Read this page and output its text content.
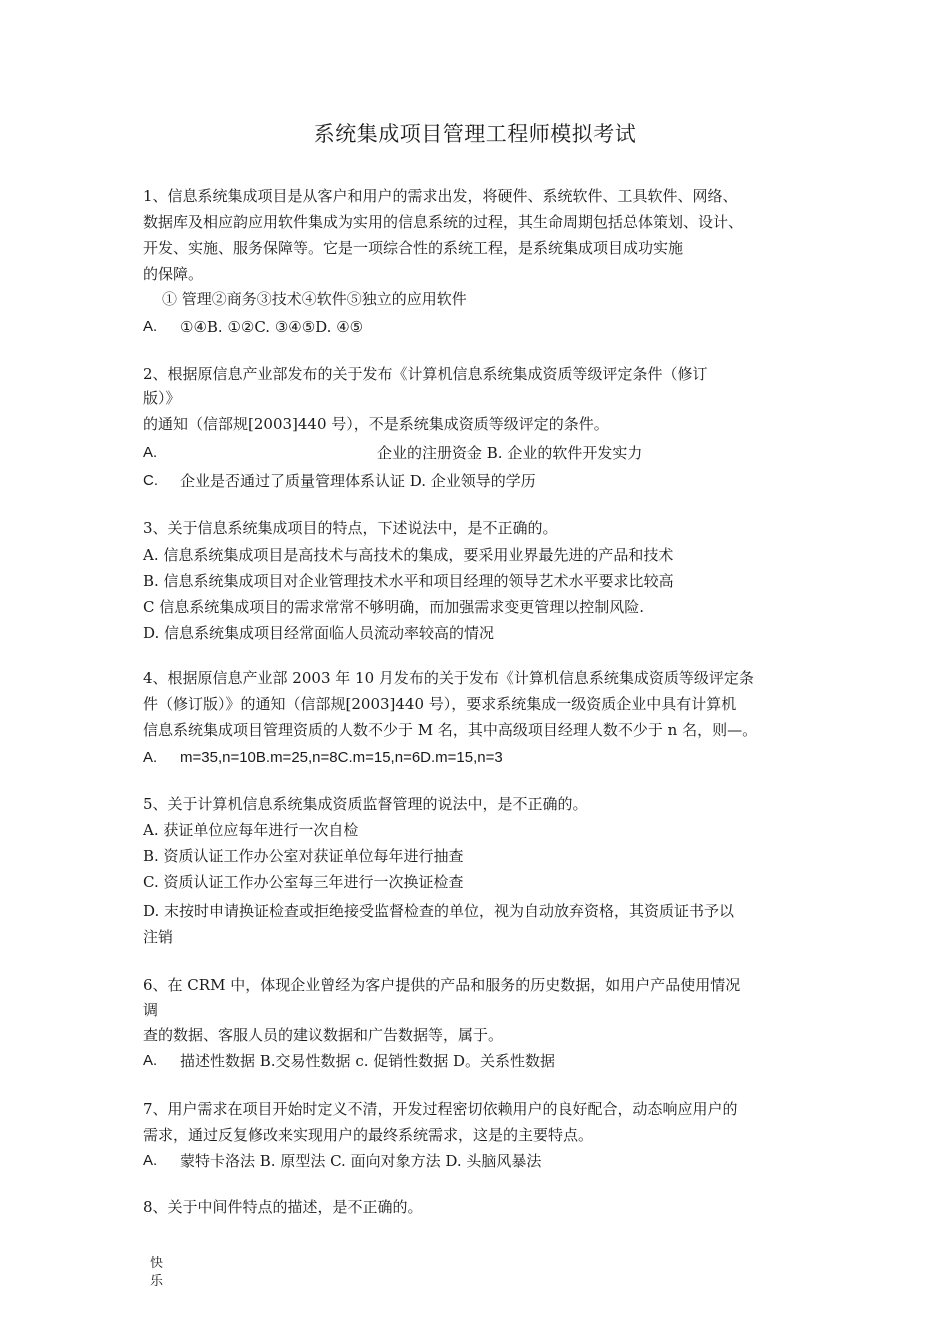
系统集成项目管理工程师模拟考试
1、信息系统集成项目是从客户和用户的需求出发，将硬件、系统软件、工具软件、网络、
数据库及相应韵应用软件集成为实用的信息系统的过程，其生命周期包括总体策划、设计、
开发、实施、服务保障等。它是一项综合性的系统工程，是系统集成项目成功实施
的保障。
① 管理②商务③技术④软件⑤独立的应用软件
A. ①④B. ①②C. ③④⑤D. ④⑤
2、根据原信息产业部发布的关于发布《计算机信息系统集成资质等级评定条件（修订
版）》
的通知（信部规[2003]440 号），不是系统集成资质等级评定的条件。
A.	企业的注册资金 B. 企业的软件开发实力
C. 企业是否通过了质量管理体系认证 D. 企业领导的学历
3、关于信息系统集成项目的特点，下述说法中，是不正确的。
A. 信息系统集成项目是高技术与高技术的集成，要采用业界最先进的产品和技术
B. 信息系统集成项目对企业管理技术水平和项目经理的领导艺术水平要求比较高
C 信息系统集成项目的需求常常不够明确，而加强需求变更管理以控制风险.
D. 信息系统集成项目经常面临人员流动率较高的情况
4、根据原信息产业部 2003 年 10 月发布的关于发布《计算机信息系统集成资质等级评定条
件（修订版）》的通知（信部规[2003]440 号），要求系统集成一级资质企业中具有计算机
信息系统集成项目管理资质的人数不少于 M 名，其中高级项目经理人数不少于 n 名，则—。
A. m=35,n=10B.m=25,n=8C.m=15,n=6D.m=15,n=3
5、关于计算机信息系统集成资质监督管理的说法中，是不正确的。
A. 获证单位应每年进行一次自检
B. 资质认证工作办公室对获证单位每年进行抽查
C. 资质认证工作办公室每三年进行一次换证检查
D. 末按时申请换证检查或拒绝接受监督检查的单位，视为自动放弃资格，其资质证书予以
注销
6、在 CRM 中，体现企业曾经为客户提供的产品和服务的历史数据，如用户产品使用情况
调
查的数据、客服人员的建议数据和广告数据等，属于。
A. 描述性数据 B.交易性数据 c. 促销性数据 D。关系性数据
7、用户需求在项目开始时定义不清，开发过程密切依赖用户的良好配合，动态响应用户的
需求，通过反复修改来实现用户的最终系统需求，这是的主要特点。
A. 蒙特卡洛法 B. 原型法 C. 面向对象方法 D. 头脑风暴法
8、关于中间件特点的描述，是不正确的。
快乐
